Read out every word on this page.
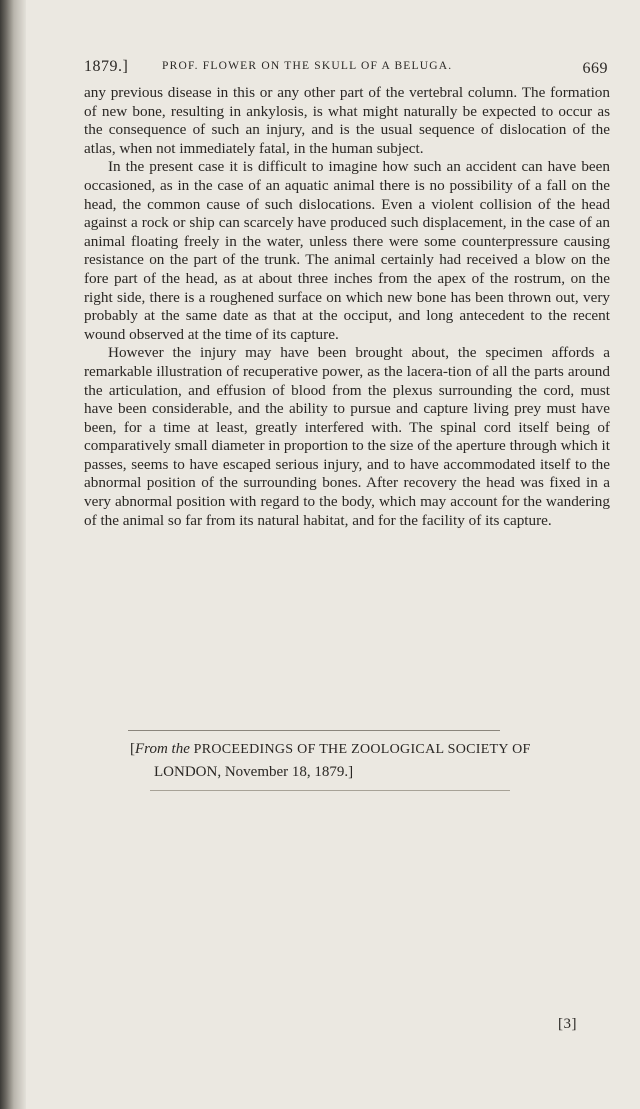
1879.]	PROF. FLOWER ON THE SKULL OF A BELUGA.	669

any previous disease in this or any other part of the vertebral column. The formation of new bone, resulting in ankylosis, is what might naturally be expected to occur as the consequence of such an injury, and is the usual sequence of dislocation of the atlas, when not immediately fatal, in the human subject.

In the present case it is difficult to imagine how such an accident can have been occasioned, as in the case of an aquatic animal there is no possibility of a fall on the head, the common cause of such dislocations. Even a violent collision of the head against a rock or ship can scarcely have produced such displacement, in the case of an animal floating freely in the water, unless there were some counterpressure causing resistance on the part of the trunk. The animal certainly had received a blow on the fore part of the head, as at about three inches from the apex of the rostrum, on the right side, there is a roughened surface on which new bone has been thrown out, very probably at the same date as that at the occiput, and long antecedent to the recent wound observed at the time of its capture.

However the injury may have been brought about, the specimen affords a remarkable illustration of recuperative power, as the lacera-tion of all the parts around the articulation, and effusion of blood from the plexus surrounding the cord, must have been considerable, and the ability to pursue and capture living prey must have been, for a time at least, greatly interfered with. The spinal cord itself being of comparatively small diameter in proportion to the size of the aperture through which it passes, seems to have escaped serious injury, and to have accommodated itself to the abnormal position of the surrounding bones. After recovery the head was fixed in a very abnormal position with regard to the body, which may account for the wandering of the animal so far from its natural habitat, and for the facility of its capture.

[From the PROCEEDINGS OF THE ZOOLOGICAL SOCIETY OF
LONDON, November 18, 1879.]
[3]
